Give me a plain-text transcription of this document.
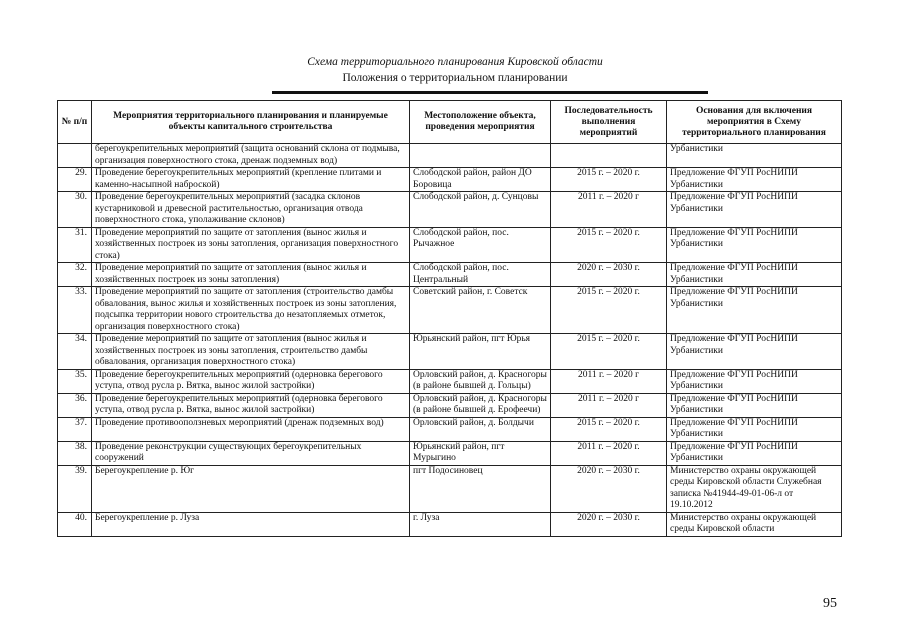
Схема территориального планирования Кировской области
Положения о территориальном планировании
№ п/п	Мероприятия территориального планирования и планируемые объекты капитального строительства	Местоположение объекта, проведения мероприятия	Последовательность выполнения мероприятий	Основания для включения мероприятия в Схему территориального планирования
	берегоукрепительных мероприятий (защита оснований склона от подмыва, организация поверхностного стока, дренаж подземных вод)			Урбанистики
29.	Проведение берегоукрепительных мероприятий (крепление плитами и каменно-насыпной наброской)	Слободской район, район ДО Боровица	2015 г. – 2020 г.	Предложение ФГУП РосНИПИ Урбанистики
30.	Проведение берегоукрепительных мероприятий (засадка склонов кустарниковой и древесной растительностью, организация отвода поверхностного стока, уполаживание склонов)	Слободской район, д. Сунцовы	2011 г. – 2020 г	Предложение ФГУП РосНИПИ Урбанистики
31.	Проведение мероприятий по защите от затопления (вынос жилья и хозяйственных построек из зоны затопления, организация поверхностного стока)	Слободской район, пос. Рычажное	2015 г. – 2020 г.	Предложение ФГУП РосНИПИ Урбанистики
32.	Проведение мероприятий по защите от затопления (вынос жилья и хозяйственных построек из зоны затопления)	Слободской район, пос. Центральный	2020 г. – 2030 г.	Предложение ФГУП РосНИПИ Урбанистики
33.	Проведение мероприятий по защите от затопления (строительство дамбы обвалования, вынос жилья и хозяйственных построек из зоны затопления, подсыпка территории нового строительства до незатопляемых отметок, организация поверхностного стока)	Советский район, г. Советск	2015 г. – 2020 г.	Предложение ФГУП РосНИПИ Урбанистики
34.	Проведение мероприятий по защите от затопления (вынос жилья и хозяйственных построек из зоны затопления, строительство дамбы обвалования, организация поверхностного стока)	Юрьянский район, пгт Юрья	2015 г. – 2020 г.	Предложение ФГУП РосНИПИ Урбанистики
35.	Проведение берегоукрепительных мероприятий (одерновка берегового уступа, отвод русла р. Вятка, вынос жилой застройки)	Орловский район, д. Красногоры (в районе бывшей д. Гольцы)	2011 г. – 2020 г	Предложение ФГУП РосНИПИ Урбанистики
36.	Проведение берегоукрепительных мероприятий (одерновка берегового уступа, отвод русла р. Вятка, вынос жилой застройки)	Орловский район, д. Красногоры (в районе бывшей д. Ерофеечи)	2011 г. – 2020 г	Предложение ФГУП РосНИПИ Урбанистики
37.	Проведение противооползневых мероприятий (дренаж подземных вод)	Орловский район, д. Болдычи	2015 г. – 2020 г.	Предложение ФГУП РосНИПИ Урбанистики
38.	Проведение реконструкции существующих берегоукрепительных сооружений	Юрьянский район, пгт Мурыгино	2011 г. – 2020 г.	Предложение ФГУП РосНИПИ Урбанистики
39.	Берегоукрепление р. Юг	пгт Подосиновец	2020 г. – 2030 г.	Министерство охраны окружающей среды Кировской области Служебная записка №41944-49-01-06-л от 19.10.2012
40.	Берегоукрепление р. Луза	г. Луза	2020 г. – 2030 г.	Министерство охраны окружающей среды Кировской области
95
